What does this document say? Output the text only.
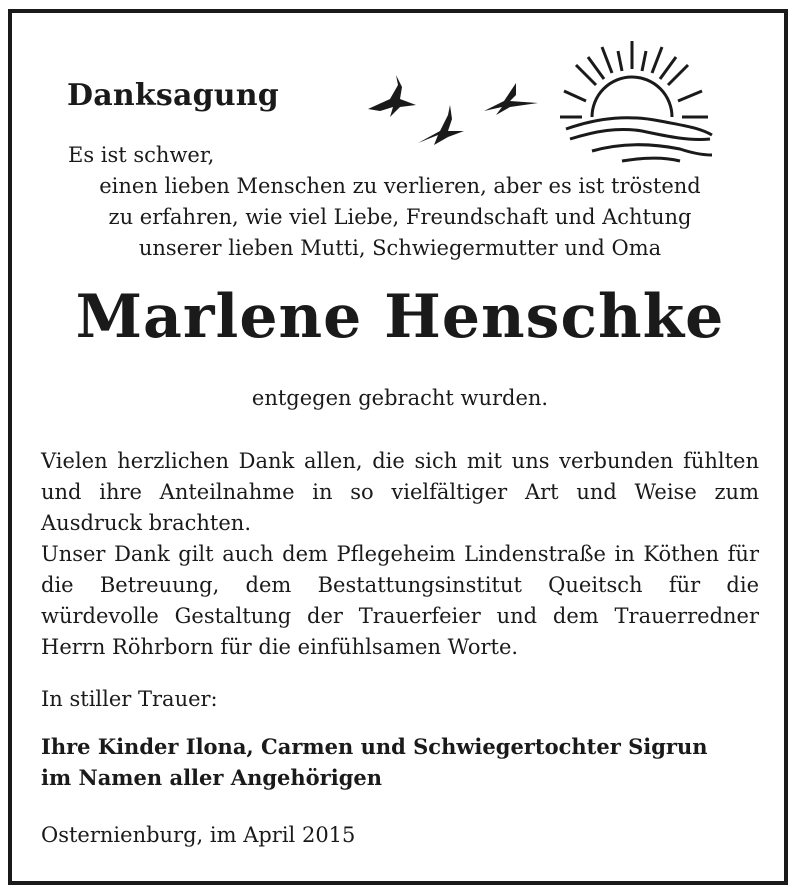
Danksagung
Es ist schwer,
einen lieben Menschen zu verlieren, aber es ist tröstend
zu erfahren, wie viel Liebe, Freundschaft und Achtung
unserer lieben Mutti, Schwiegermutter und Oma
Marlene Henschke
entgegen gebracht wurden.

Vielen herzlichen Dank allen, die sich mit uns verbunden fühlten und ihre Anteilnahme in so vielfältiger Art und Weise zum Ausdruck brachten.

Unser Dank gilt auch dem Pflegeheim Lindenstraße in Köthen für die Betreuung, dem Bestattungsinstitut Queitsch für die würdevolle Gestaltung der Trauerfeier und dem Trauerredner Herrn Röhrborn für die einfühlsamen Worte.

In stiller Trauer:
Ihre Kinder Ilona, Carmen und Schwiegertochter Sigrun
im Namen aller Angehörigen
Osternienburg, im April 2015
